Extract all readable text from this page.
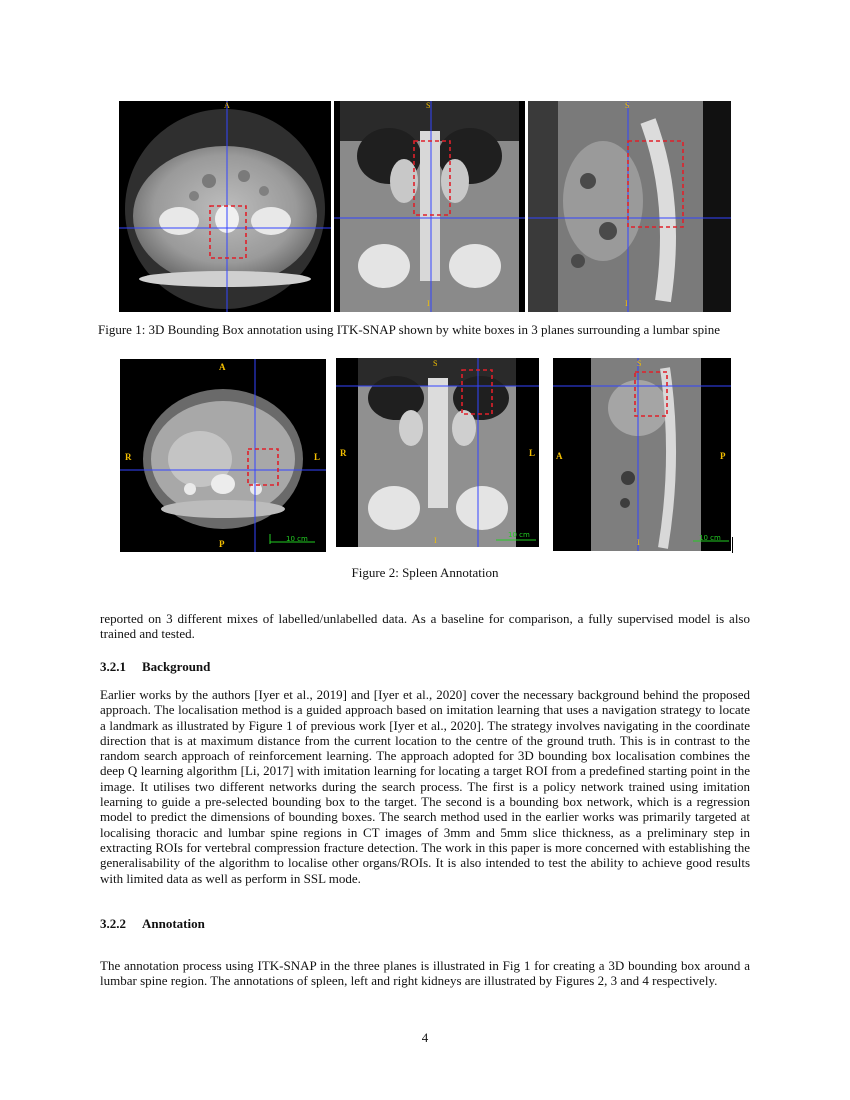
A	S
I
S
I
Figure 1: 3D Bounding Box annotation using ITK-SNAP shown by white boxes in 3 planes surrounding a lumbar spine
A
P
R	L
10 cm
S
I
R	L
10 cm
S
I
A	P
10 cm
Figure 2: Spleen Annotation

reported on 3 different mixes of labelled/unlabelled data. As a baseline for comparison, a fully supervised model is also trained and tested.

3.2.1 Background

Earlier works by the authors [Iyer et al., 2019] and [Iyer et al., 2020] cover the necessary background behind the proposed approach. The localisation method is a guided approach based on imitation learning that uses a navigation strategy to locate a landmark as illustrated by Figure 1 of previous work [Iyer et al., 2020]. The strategy involves navigating in the coordinate direction that is at maximum distance from the current location to the centre of the ground truth. This is in contrast to the random search approach of reinforcement learning. The approach adopted for 3D bounding box localisation combines the deep Q learning algorithm [Li, 2017] with imitation learning for locating a target ROI from a predefined starting point in the image. It utilises two different networks during the search process. The first is a policy network trained using imitation learning to guide a pre-selected bounding box to the target. The second is a bounding box network, which is a regression model to predict the dimensions of bounding boxes. The search method used in the earlier works was primarily targeted at localising thoracic and lumbar spine regions in CT images of 3mm and 5mm slice thickness, as a preliminary step in extracting ROIs for vertebral compression fracture detection. The work in this paper is more concerned with establishing the generalisability of the algorithm to localise other organs/ROIs. It is also intended to test the ability to achieve good results with limited data as well as perform in SSL mode.

3.2.2 Annotation

The annotation process using ITK-SNAP in the three planes is illustrated in Fig 1 for creating a 3D bounding box around a lumbar spine region. The annotations of spleen, left and right kidneys are illustrated by Figures 2, 3 and 4 respectively.

4
